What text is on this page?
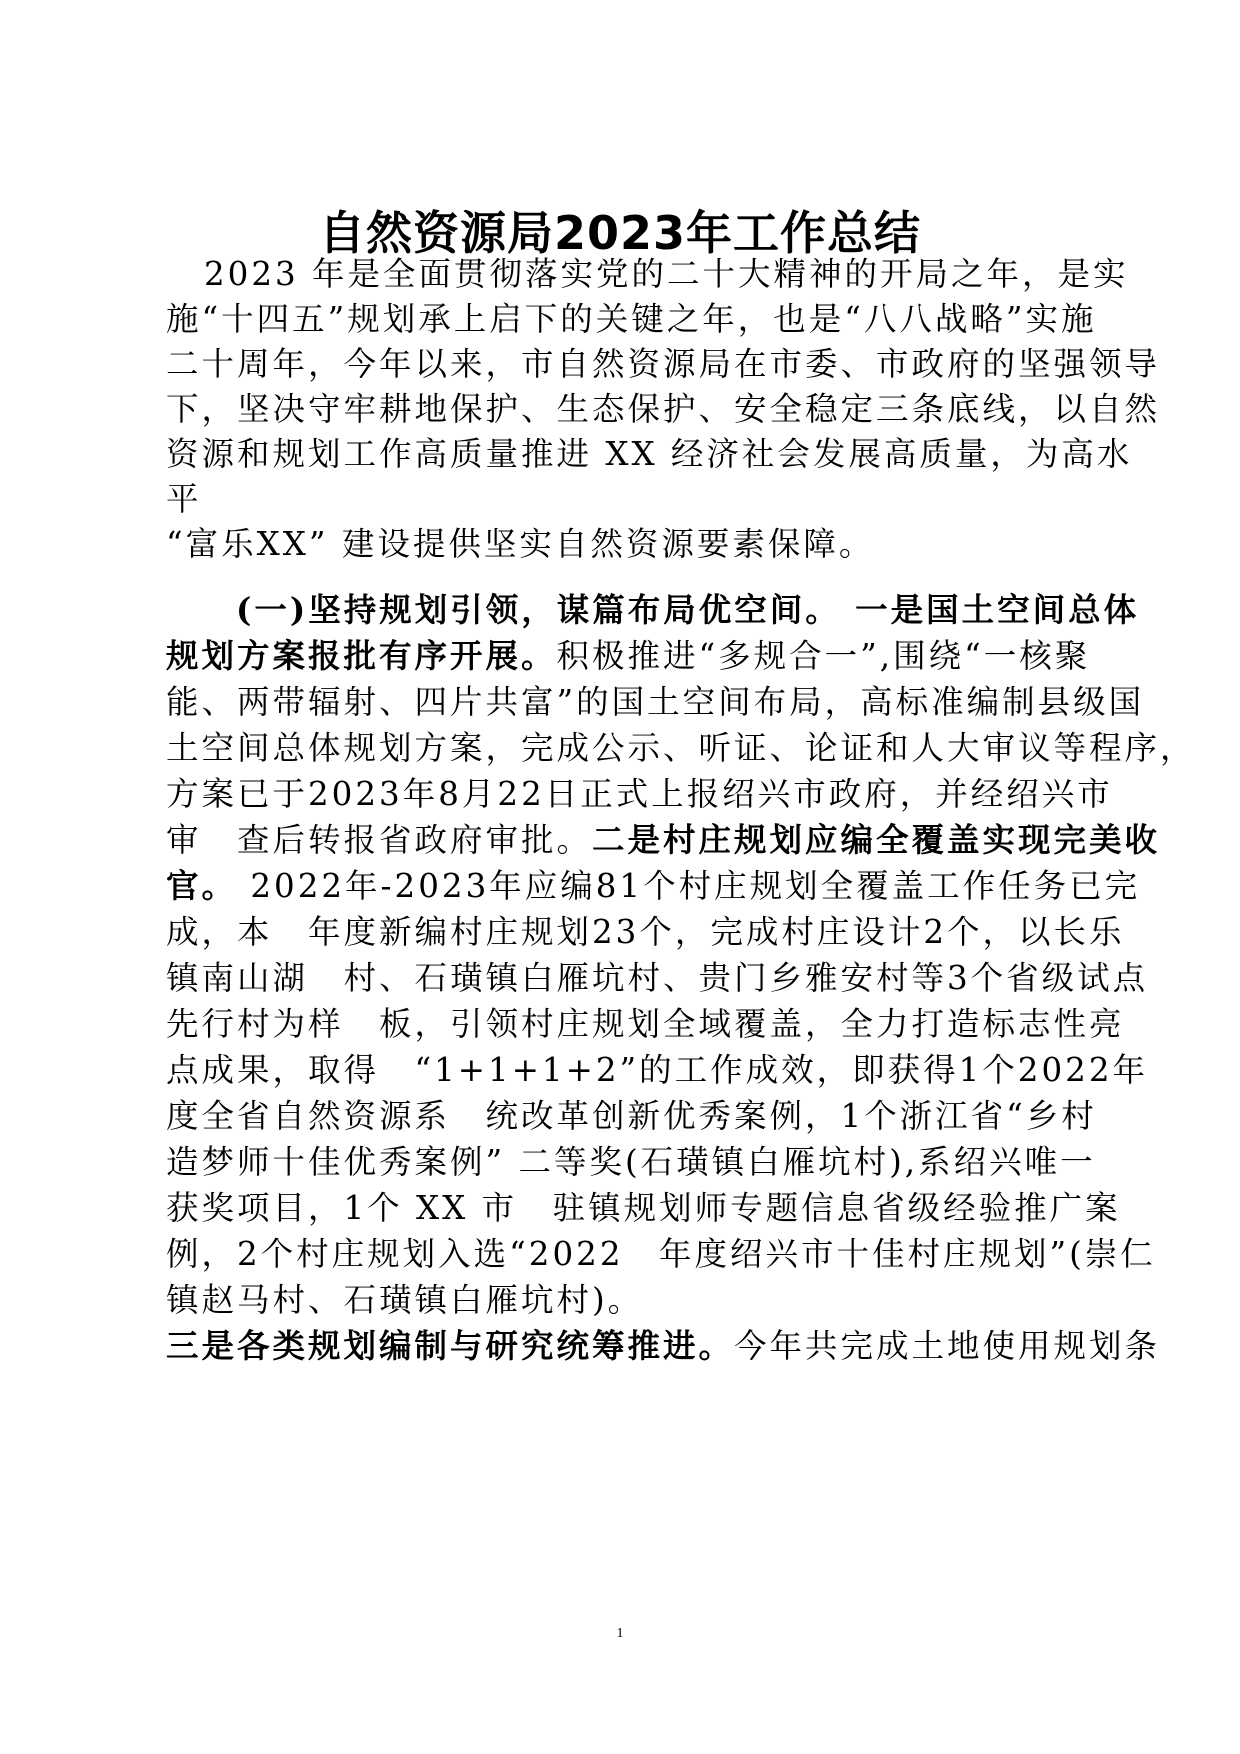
自然资源局2023年工作总结
2023 年是全面贯彻落实党的二十大精神的开局之年，是实
施“十四五”规划承上启下的关键之年，也是“八八战略”实施
二十周年，今年以来，市自然资源局在市委、市政府的坚强领导
下，坚决守牢耕地保护、生态保护、安全稳定三条底线，以自然
资源和规划工作高质量推进 XX 经济社会发展高质量，为高水
平
“富乐XX” 建设提供坚实自然资源要素保障。
(一)坚持规划引领，谋篇布局优空间。 一是国土空间总体
规划方案报批有序开展。积极推进“多规合一”,围绕“一核聚
能、两带辐射、四片共富”的国土空间布局，高标准编制县级国
土空间总体规划方案，完成公示、听证、论证和人大审议等程序，
方案已于2023年8月22日正式上报绍兴市政府，并经绍兴市
审　查后转报省政府审批。二是村庄规划应编全覆盖实现完美收
官。 2022年-2023年应编81个村庄规划全覆盖工作任务已完
成，本　年度新编村庄规划23个，完成村庄设计2个，以长乐
镇南山湖　村、石璜镇白雁坑村、贵门乡雅安村等3个省级试点
先行村为样　板，引领村庄规划全域覆盖，全力打造标志性亮
点成果，取得　“1+1+1+2”的工作成效，即获得1个2022年
度全省自然资源系　统改革创新优秀案例，1个浙江省“乡村
造梦师十佳优秀案例” 二等奖(石璜镇白雁坑村),系绍兴唯一
获奖项目，1个 XX 市　驻镇规划师专题信息省级经验推广案
例，2个村庄规划入选“2022　年度绍兴市十佳村庄规划”(崇仁
镇赵马村、石璜镇白雁坑村)。
三是各类规划编制与研究统筹推进。今年共完成土地使用规划条
1
